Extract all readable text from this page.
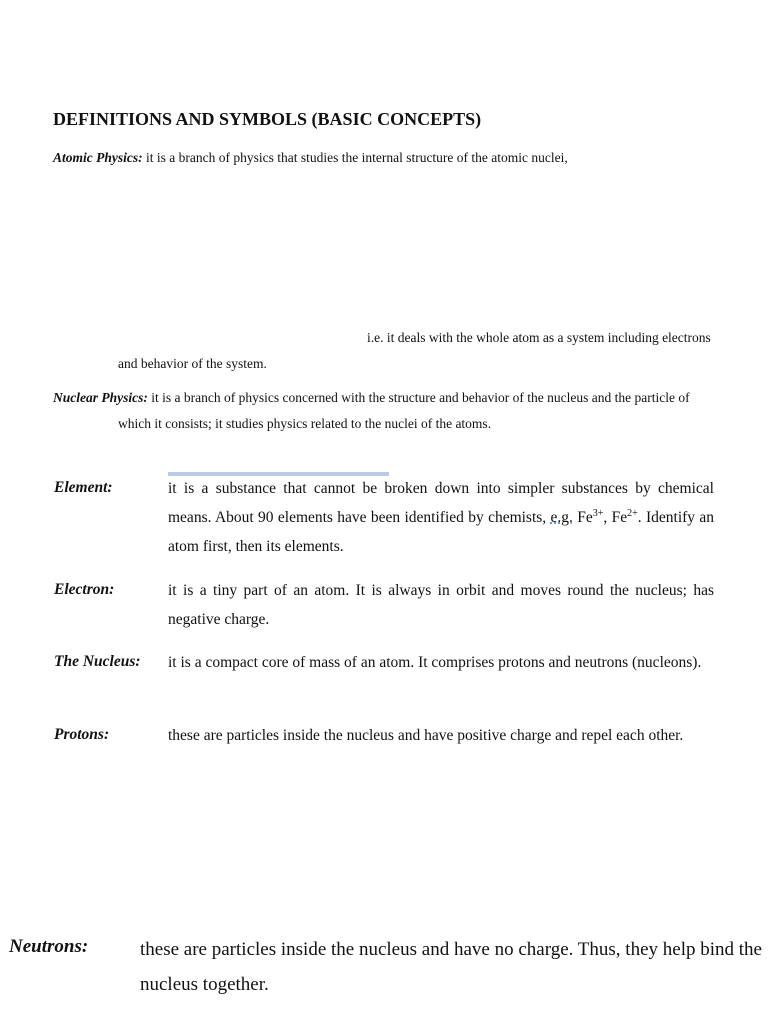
DEFINITIONS AND SYMBOLS (BASIC CONCEPTS)
Atomic Physics: it is a branch of physics that studies the internal structure of the atomic nuclei,
i.e. it deals with the whole atom as a system including electrons
and behavior of the system.
Nuclear Physics: it is a branch of physics concerned with the structure and behavior of the nucleus and the particle of
which it consists; it studies physics related to the nuclei of the atoms.
Element:	it is a substance that cannot be broken down into simpler substances by chemical means. About 90 elements have been identified by chemists, e.g. $Fe^{3+}$, $Fe^{2+}$. Identify an atom first, then its elements.
Electron:	it is a tiny part of an atom. It is always in orbit and moves round the nucleus; has negative charge.
The Nucleus: it is a compact core of mass of an atom. It comprises protons and neutrons (nucleons).
Protons:	these are particles inside the nucleus and have positive charge and repel each other.
Neutrons:	these are particles inside the nucleus and have no charge. Thus, they help bind the nucleus together.
